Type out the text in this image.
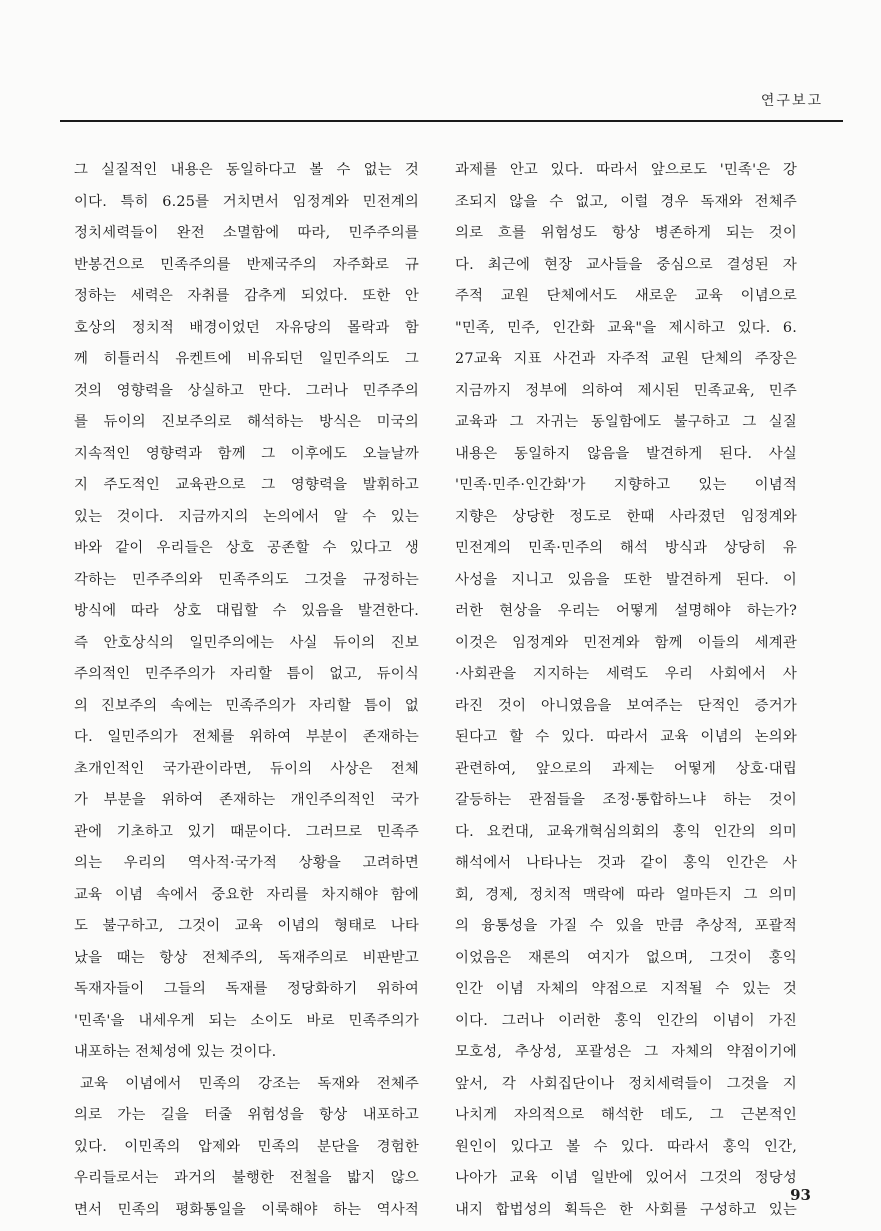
연구보고
그 실질적인 내용은 동일하다고 볼 수 없는 것
이다. 특히 6.25를 거치면서 임정계와 민전계의
정치세력들이 완전 소멸함에 따라, 민주주의를
반봉건으로 민족주의를 반제국주의 자주화로 규
정하는 세력은 자취를 감추게 되었다. 또한 안
호상의 정치적 배경이었던 자유당의 몰락과 함
께 히틀러식 유켄트에 비유되던 일민주의도 그
것의 영향력을 상실하고 만다. 그러나 민주주의
를 듀이의 진보주의로 해석하는 방식은 미국의
지속적인 영향력과 함께 그 이후에도 오늘날까
지 주도적인 교육관으로 그 영향력을 발휘하고
있는 것이다. 지금까지의 논의에서 알 수 있는
바와 같이 우리들은 상호 공존할 수 있다고 생
각하는 민주주의와 민족주의도 그것을 규정하는
방식에 따라 상호 대립할 수 있음을 발견한다.
즉 안호상식의 일민주의에는 사실 듀이의 진보
주의적인 민주주의가 자리할 틈이 없고, 듀이식
의 진보주의 속에는 민족주의가 자리할 틈이 없
다. 일민주의가 전체를 위하여 부분이 존재하는
초개인적인 국가관이라면, 듀이의 사상은 전체
가 부분을 위하여 존재하는 개인주의적인 국가
관에 기초하고 있기 때문이다. 그러므로 민족주
의는 우리의 역사적·국가적 상황을 고려하면
교육 이념 속에서 중요한 자리를 차지해야 함에
도 불구하고, 그것이 교육 이념의 형태로 나타
났을 때는 항상 전체주의, 독재주의로 비판받고
독재자들이 그들의 독재를 정당화하기 위하여
'민족'을 내세우게 되는 소이도 바로 민족주의가
내포하는 전체성에 있는 것이다.
교육 이념에서 민족의 강조는 독재와 전체주
의로 가는 길을 터줄 위험성을 항상 내포하고
있다. 이민족의 압제와 민족의 분단을 경험한
우리들로서는 과거의 불행한 전철을 밟지 않으
면서 민족의 평화통일을 이룩해야 하는 역사적
과제를 안고 있다. 따라서 앞으로도 '민족'은 강
조되지 않을 수 없고, 이럴 경우 독재와 전체주
의로 흐를 위험성도 항상 병존하게 되는 것이
다. 최근에 현장 교사들을 중심으로 결성된 자
주적 교원 단체에서도 새로운 교육 이념으로
"민족, 민주, 인간화 교육"을 제시하고 있다. 6.
27교육 지표 사건과 자주적 교원 단체의 주장은
지금까지 정부에 의하여 제시된 민족교육, 민주
교육과 그 자귀는 동일함에도 불구하고 그 실질
내용은 동일하지 않음을 발견하게 된다. 사실
'민족·민주·인간화'가 지향하고 있는 이념적
지향은 상당한 정도로 한때 사라졌던 임정계와
민전계의 민족·민주의 해석 방식과 상당히 유
사성을 지니고 있음을 또한 발견하게 된다. 이
러한 현상을 우리는 어떻게 설명해야 하는가?
이것은 임정계와 민전계와 함께 이들의 세계관
·사회관을 지지하는 세력도 우리 사회에서 사
라진 것이 아니였음을 보여주는 단적인 증거가
된다고 할 수 있다. 따라서 교육 이념의 논의와
관련하여, 앞으로의 과제는 어떻게 상호·대립
갈등하는 관점들을 조정·통합하느냐 하는 것이
다. 요컨대, 교육개혁심의회의 홍익 인간의 의미
해석에서 나타나는 것과 같이 홍익 인간은 사
회, 경제, 정치적 맥락에 따라 얼마든지 그 의미
의 융통성을 가질 수 있을 만큼 추상적, 포괄적
이었음은 재론의 여지가 없으며, 그것이 홍익
인간 이념 자체의 약점으로 지적될 수 있는 것
이다. 그러나 이러한 홍익 인간의 이념이 가진
모호성, 추상성, 포괄성은 그 자체의 약점이기에
앞서, 각 사회집단이나 정치세력들이 그것을 지
나치게 자의적으로 해석한 데도, 그 근본적인
원인이 있다고 볼 수 있다. 따라서 홍익 인간,
나아가 교육 이념 일반에 있어서 그것의 정당성
내지 합법성의 획득은 한 사회를 구성하고 있는
93
